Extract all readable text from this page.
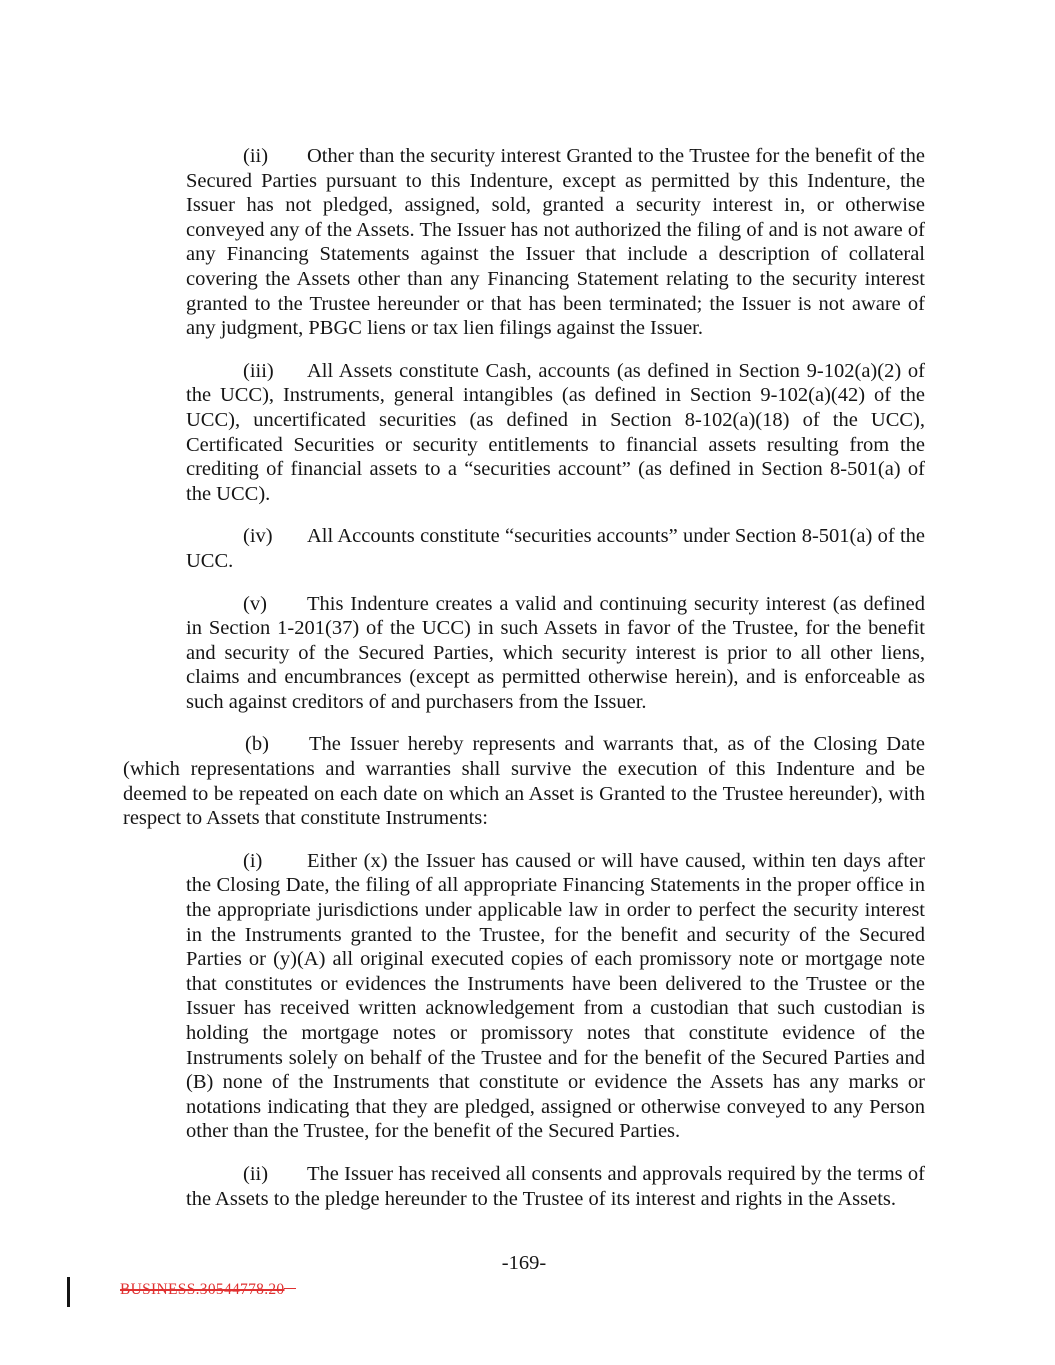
(ii) Other than the security interest Granted to the Trustee for the benefit of the Secured Parties pursuant to this Indenture, except as permitted by this Indenture, the Issuer has not pledged, assigned, sold, granted a security interest in, or otherwise conveyed any of the Assets. The Issuer has not authorized the filing of and is not aware of any Financing Statements against the Issuer that include a description of collateral covering the Assets other than any Financing Statement relating to the security interest granted to the Trustee hereunder or that has been terminated; the Issuer is not aware of any judgment, PBGC liens or tax lien filings against the Issuer.

(iii) All Assets constitute Cash, accounts (as defined in Section 9-102(a)(2) of the UCC), Instruments, general intangibles (as defined in Section 9-102(a)(42) of the UCC), uncertificated securities (as defined in Section 8-102(a)(18) of the UCC), Certificated Securities or security entitlements to financial assets resulting from the crediting of financial assets to a “securities account” (as defined in Section 8-501(a) of the UCC).

(iv) All Accounts constitute “securities accounts” under Section 8-501(a) of the UCC.

(v) This Indenture creates a valid and continuing security interest (as defined in Section 1-201(37) of the UCC) in such Assets in favor of the Trustee, for the benefit and security of the Secured Parties, which security interest is prior to all other liens, claims and encumbrances (except as permitted otherwise herein), and is enforceable as such against creditors of and purchasers from the Issuer.

(b) The Issuer hereby represents and warrants that, as of the Closing Date (which representations and warranties shall survive the execution of this Indenture and be deemed to be repeated on each date on which an Asset is Granted to the Trustee hereunder), with respect to Assets that constitute Instruments:

(i) Either (x) the Issuer has caused or will have caused, within ten days after the Closing Date, the filing of all appropriate Financing Statements in the proper office in the appropriate jurisdictions under applicable law in order to perfect the security interest in the Instruments granted to the Trustee, for the benefit and security of the Secured Parties or (y)(A) all original executed copies of each promissory note or mortgage note that constitutes or evidences the Instruments have been delivered to the Trustee or the Issuer has received written acknowledgement from a custodian that such custodian is holding the mortgage notes or promissory notes that constitute evidence of the Instruments solely on behalf of the Trustee and for the benefit of the Secured Parties and (B) none of the Instruments that constitute or evidence the Assets has any marks or notations indicating that they are pledged, assigned or otherwise conveyed to any Person other than the Trustee, for the benefit of the Secured Parties.

(ii) The Issuer has received all consents and approvals required by the terms of the Assets to the pledge hereunder to the Trustee of its interest and rights in the Assets.

-169-
BUSINESS.30544778.20
